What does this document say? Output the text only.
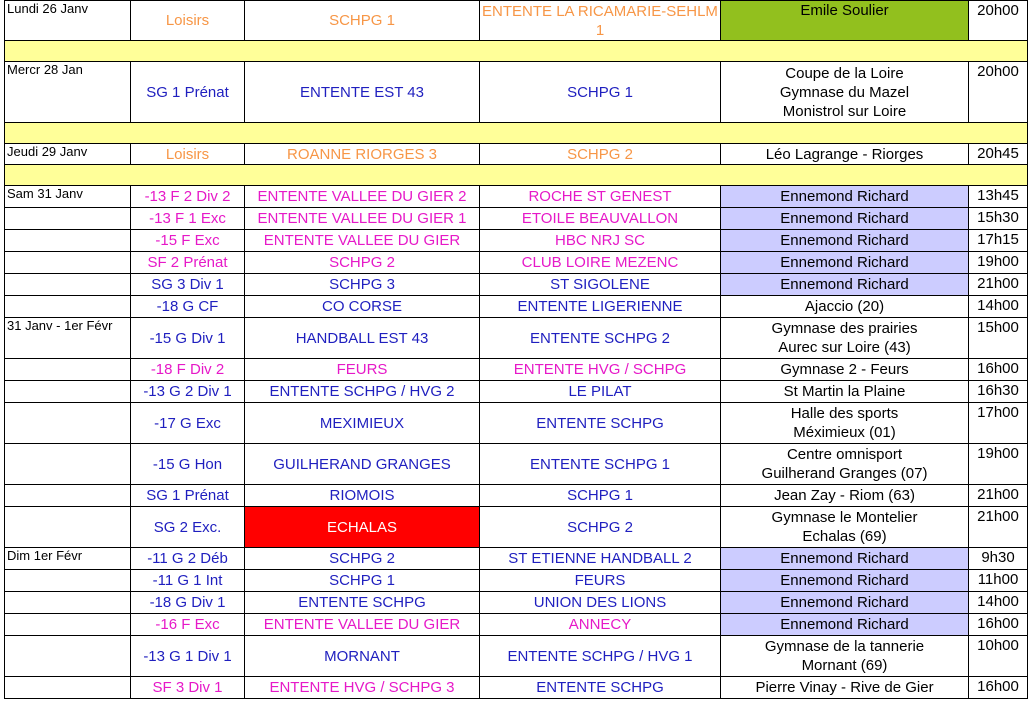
Lundi 26 Janv	Loisirs	SCHPG 1	ENTENTE LA RICAMARIE-SEHLM 1	Emile Soulier	20h00

Mercr 28 Jan	SG 1 Prénat	ENTENTE EST 43	SCHPG 1	Coupe de la Loire Gymnase du Mazel Monistrol sur Loire	20h00

Jeudi 29 Janv	Loisirs	ROANNE RIORGES 3	SCHPG 2	Léo Lagrange - Riorges	20h45

Sam 31 Janv	-13 F 2 Div 2	ENTENTE VALLEE DU GIER 2	ROCHE ST GENEST	Ennemond Richard	13h45
	-13 F 1 Exc	ENTENTE VALLEE DU GIER 1	ETOILE BEAUVALLON	Ennemond Richard	15h30
	-15 F Exc	ENTENTE VALLEE DU GIER	HBC NRJ SC	Ennemond Richard	17h15
	SF 2 Prénat	SCHPG 2	CLUB LOIRE MEZENC	Ennemond Richard	19h00
	SG 3 Div 1	SCHPG 3	ST SIGOLENE	Ennemond Richard	21h00
	-18 G CF	CO CORSE	ENTENTE LIGERIENNE	Ajaccio (20)	14h00
31 Janv - 1er Févr	-15 G Div 1	HANDBALL EST 43	ENTENTE SCHPG 2	Gymnase des prairies Aurec sur Loire (43)	15h00
	-18 F Div 2	FEURS	ENTENTE HVG / SCHPG	Gymnase 2 - Feurs	16h00
	-13 G 2 Div 1	ENTENTE SCHPG / HVG 2	LE PILAT	St Martin la Plaine	16h30
	-17 G Exc	MEXIMIEUX	ENTENTE SCHPG	Halle des sports Méximieux (01)	17h00
	-15 G Hon	GUILHERAND GRANGES	ENTENTE SCHPG 1	Centre omnisport Guilherand Granges (07)	19h00
	SG 1 Prénat	RIOMOIS	SCHPG 1	Jean Zay - Riom (63)	21h00
	SG 2 Exc.	ECHALAS	SCHPG 2	Gymnase le Montelier Echalas (69)	21h00
Dim 1er Févr	-11 G 2 Déb	SCHPG 2	ST ETIENNE HANDBALL 2	Ennemond Richard	9h30
	-11 G 1 Int	SCHPG 1	FEURS	Ennemond Richard	11h00
	-18 G Div 1	ENTENTE SCHPG	UNION DES LIONS	Ennemond Richard	14h00
	-16 F Exc	ENTENTE VALLEE DU GIER	ANNECY	Ennemond Richard	16h00
	-13 G 1 Div 1	MORNANT	ENTENTE SCHPG / HVG 1	Gymnase de la tannerie Mornant (69)	10h00
	SF 3 Div 1	ENTENTE HVG / SCHPG 3	ENTENTE SCHPG	Pierre Vinay - Rive de Gier	16h00
